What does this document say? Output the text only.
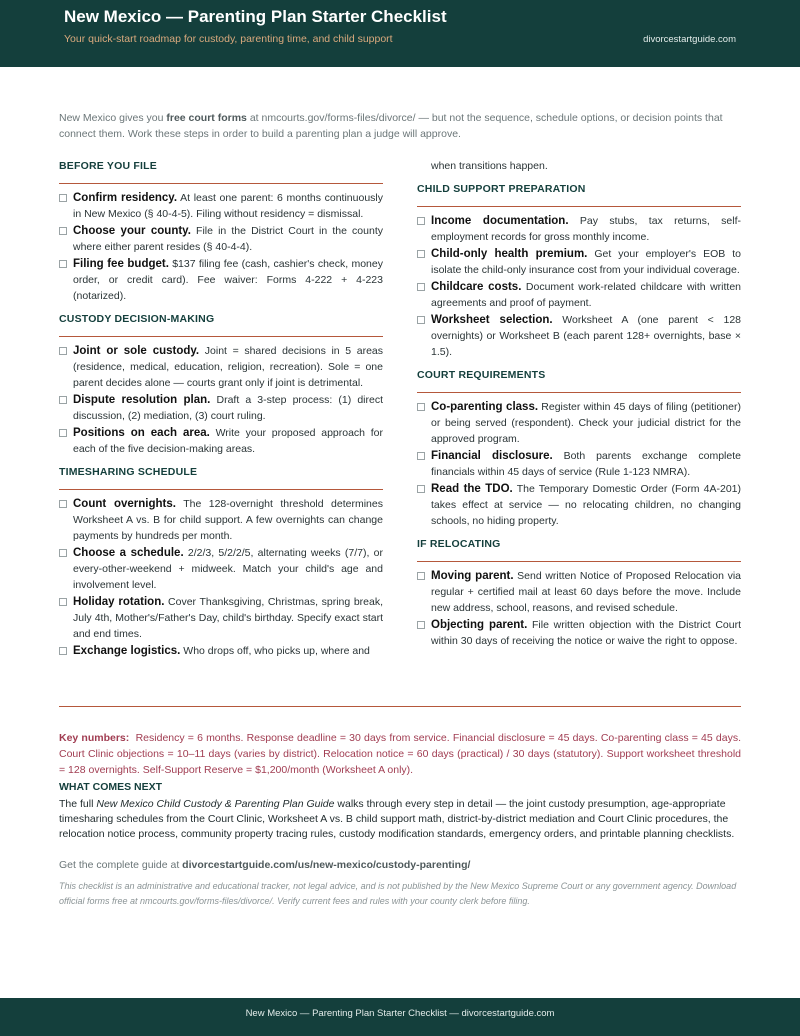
New Mexico — Parenting Plan Starter Checklist
Your quick-start roadmap for custody, parenting time, and child support	divorcestartguide.com
New Mexico gives you free court forms at nmcourts.gov/forms-files/divorce/ — but not the sequence, schedule options, or decision points that connect them. Work these steps in order to build a parenting plan a judge will approve.
BEFORE YOU FILE
Confirm residency. At least one parent: 6 months continuously in New Mexico (§ 40-4-5). Filing without residency = dismissal.
Choose your county. File in the District Court in the county where either parent resides (§ 40-4-4).
Filing fee budget. $137 filing fee (cash, cashier's check, money order, or credit card). Fee waiver: Forms 4-222 + 4-223 (notarized).
CUSTODY DECISION-MAKING
Joint or sole custody. Joint = shared decisions in 5 areas (residence, medical, education, religion, recreation). Sole = one parent decides alone — courts grant only if joint is detrimental.
Dispute resolution plan. Draft a 3-step process: (1) direct discussion, (2) mediation, (3) court ruling.
Positions on each area. Write your proposed approach for each of the five decision-making areas.
TIMESHARING SCHEDULE
Count overnights. The 128-overnight threshold determines Worksheet A vs. B for child support. A few overnights can change payments by hundreds per month.
Choose a schedule. 2/2/3, 5/2/2/5, alternating weeks (7/7), or every-other-weekend + midweek. Match your child's age and involvement level.
Holiday rotation. Cover Thanksgiving, Christmas, spring break, July 4th, Mother's/Father's Day, child's birthday. Specify exact start and end times.
Exchange logistics. Who drops off, who picks up, where and
when transitions happen.
CHILD SUPPORT PREPARATION
Income documentation. Pay stubs, tax returns, self-employment records for gross monthly income.
Child-only health premium. Get your employer's EOB to isolate the child-only insurance cost from your individual coverage.
Childcare costs. Document work-related childcare with written agreements and proof of payment.
Worksheet selection. Worksheet A (one parent < 128 overnights) or Worksheet B (each parent 128+ overnights, base × 1.5).
COURT REQUIREMENTS
Co-parenting class. Register within 45 days of filing (petitioner) or being served (respondent). Check your judicial district for the approved program.
Financial disclosure. Both parents exchange complete financials within 45 days of service (Rule 1-123 NMRA).
Read the TDO. The Temporary Domestic Order (Form 4A-201) takes effect at service — no relocating children, no changing schools, no hiding property.
IF RELOCATING
Moving parent. Send written Notice of Proposed Relocation via regular + certified mail at least 60 days before the move. Include new address, school, reasons, and revised schedule.
Objecting parent. File written objection with the District Court within 30 days of receiving the notice or waive the right to oppose.
Key numbers: Residency = 6 months. Response deadline = 30 days from service. Financial disclosure = 45 days. Co-parenting class = 45 days. Court Clinic objections = 10–11 days (varies by district). Relocation notice = 60 days (practical) / 30 days (statutory). Support worksheet threshold = 128 overnights. Self-Support Reserve = $1,200/month (Worksheet A only).
WHAT COMES NEXT
The full New Mexico Child Custody & Parenting Plan Guide walks through every step in detail — the joint custody presumption, age-appropriate timesharing schedules from the Court Clinic, Worksheet A vs. B child support math, district-by-district mediation and Court Clinic procedures, the relocation notice process, community property tracing rules, custody modification standards, emergency orders, and printable planning checklists.
Get the complete guide at divorcestartguide.com/us/new-mexico/custody-parenting/
This checklist is an administrative and educational tracker, not legal advice, and is not published by the New Mexico Supreme Court or any government agency. Download official forms free at nmcourts.gov/forms-files/divorce/. Verify current fees and rules with your county clerk before filing.
New Mexico — Parenting Plan Starter Checklist — divorcestartguide.com
